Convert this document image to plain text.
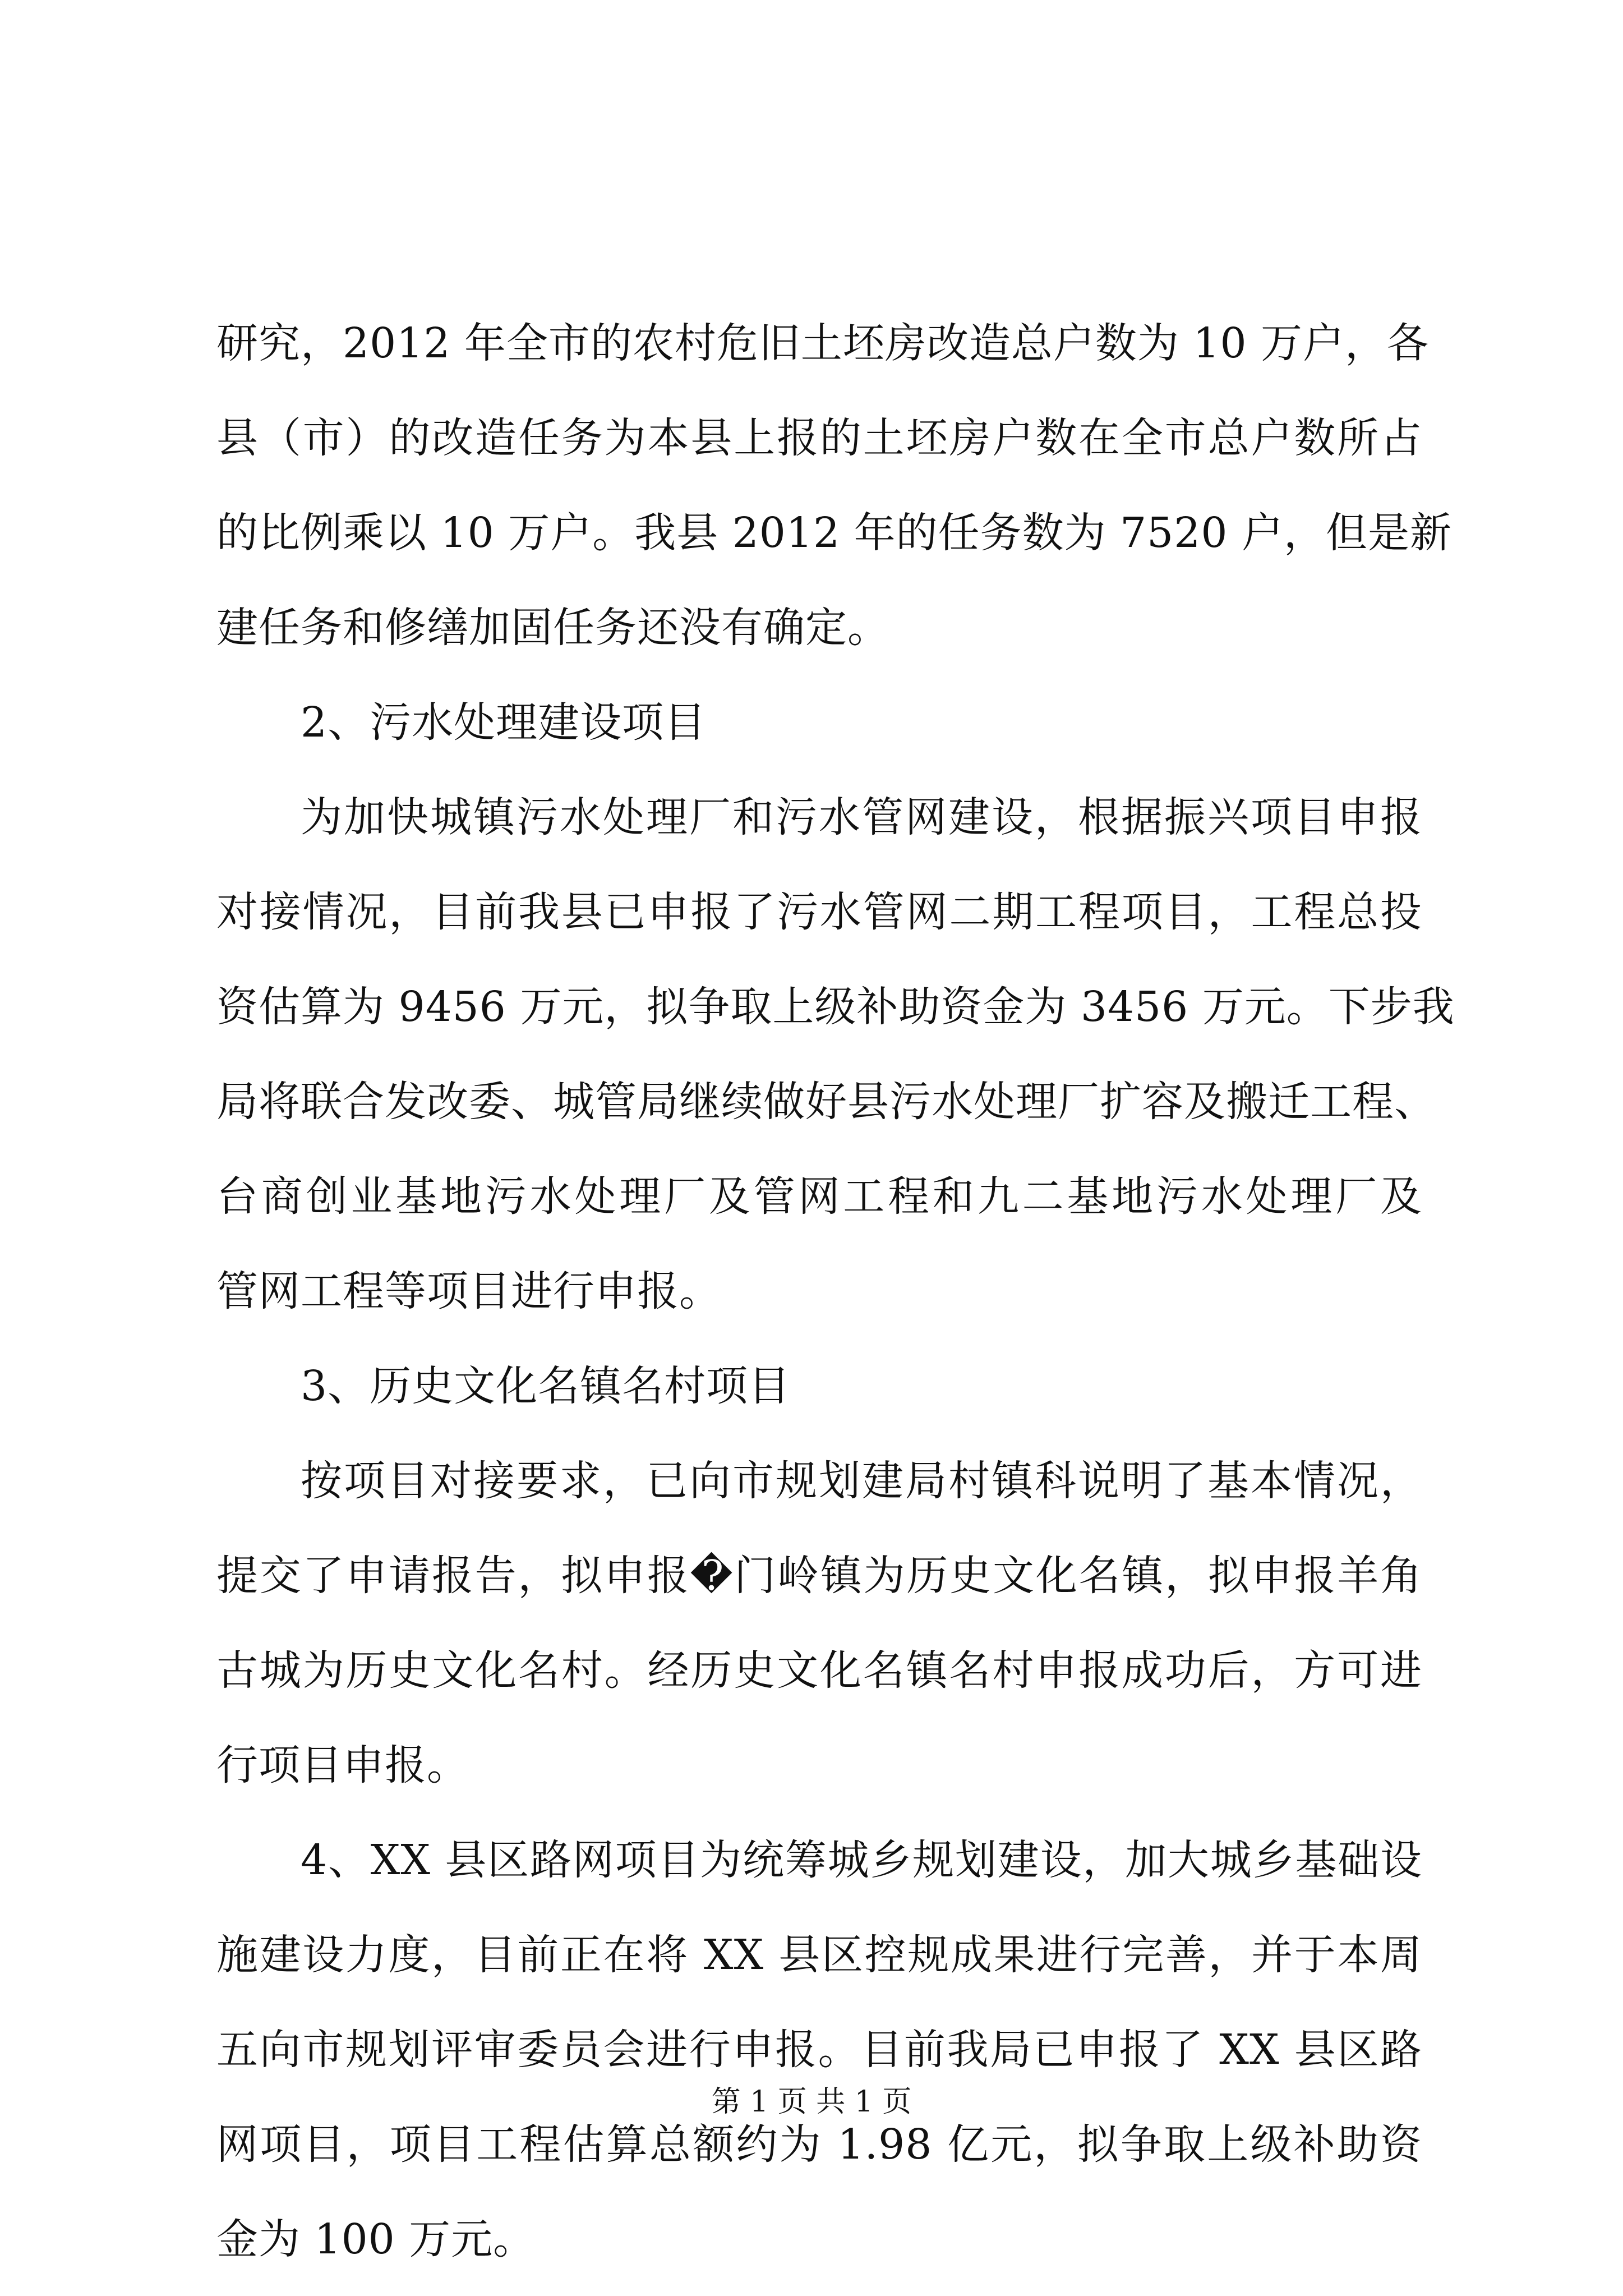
研究，2012 年全市的农村危旧土坯房改造总户数为 10 万户，各
县（市）的改造任务为本县上报的土坯房户数在全市总户数所占
的比例乘以 10 万户。我县 2012 年的任务数为 7520 户，但是新
建任务和修缮加固任务还没有确定。
2、污水处理建设项目
为加快城镇污水处理厂和污水管网建设，根据振兴项目申报
对接情况，目前我县已申报了污水管网二期工程项目，工程总投
资估算为 9456 万元，拟争取上级补助资金为 3456 万元。下步我
局将联合发改委、城管局继续做好县污水处理厂扩容及搬迁工程、
台商创业基地污水处理厂及管网工程和九二基地污水处理厂及
管网工程等项目进行申报。
3、历史文化名镇名村项目
按项目对接要求，已向市规划建局村镇科说明了基本情况，
提交了申请报告，拟申报�门岭镇为历史文化名镇，拟申报羊角
古城为历史文化名村。经历史文化名镇名村申报成功后，方可进
行项目申报。
4、XX 县区路网项目为统筹城乡规划建设，加大城乡基础设
施建设力度，目前正在将 XX 县区控规成果进行完善，并于本周
五向市规划评审委员会进行申报。目前我局已申报了 XX 县区路
网项目，项目工程估算总额约为 1.98 亿元，拟争取上级补助资
金为 100 万元。
第 1 页 共 1 页
